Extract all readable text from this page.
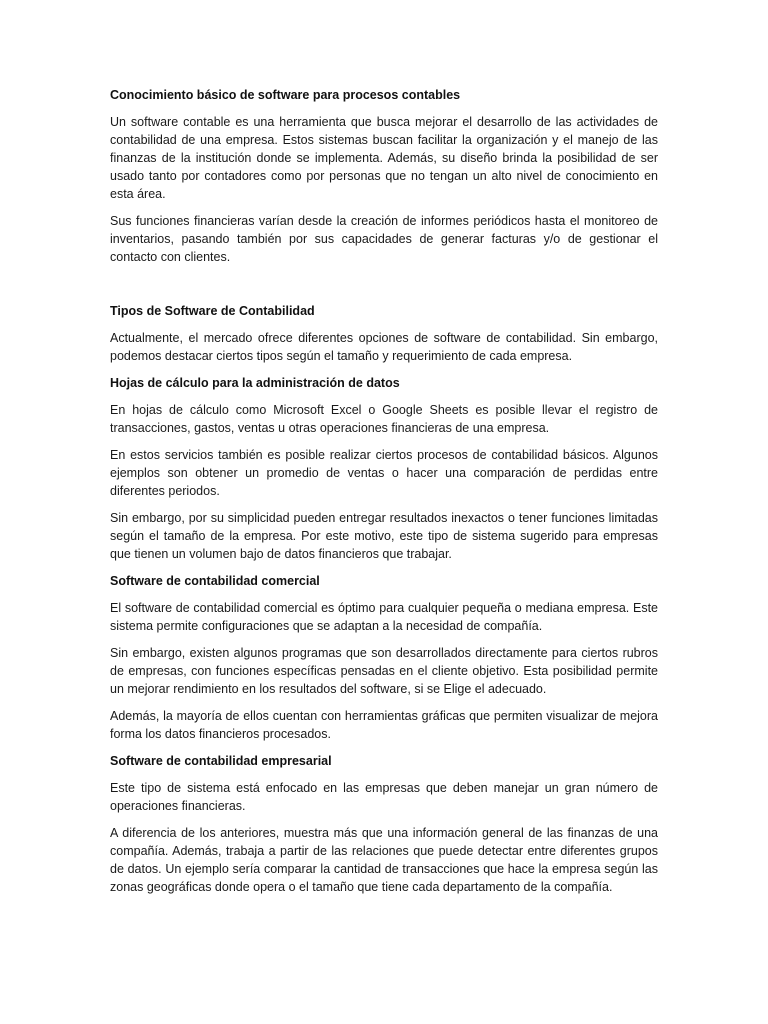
Conocimiento básico de software para procesos contables

Un software contable es una herramienta que busca mejorar el desarrollo de las actividades de contabilidad de una empresa. Estos sistemas buscan facilitar la organización y el manejo de las finanzas de la institución donde se implementa. Además, su diseño brinda la posibilidad de ser usado tanto por contadores como por personas que no tengan un alto nivel de conocimiento en esta área.

Sus funciones financieras varían desde la creación de informes periódicos hasta el monitoreo de inventarios, pasando también por sus capacidades de generar facturas y/o de gestionar el contacto con clientes.

Tipos de Software de Contabilidad

Actualmente, el mercado ofrece diferentes opciones de software de contabilidad. Sin embargo, podemos destacar ciertos tipos según el tamaño y requerimiento de cada empresa.

Hojas de cálculo para la administración de datos

En hojas de cálculo como Microsoft Excel o Google Sheets es posible llevar el registro de transacciones, gastos, ventas u otras operaciones financieras de una empresa.

En estos servicios también es posible realizar ciertos procesos de contabilidad básicos. Algunos ejemplos son obtener un promedio de ventas o hacer una comparación de perdidas entre diferentes periodos.

Sin embargo, por su simplicidad pueden entregar resultados inexactos o tener funciones limitadas según el tamaño de la empresa. Por este motivo, este tipo de sistema sugerido para empresas que tienen un volumen bajo de datos financieros que trabajar.

Software de contabilidad comercial

El software de contabilidad comercial es óptimo para cualquier pequeña o mediana empresa. Este sistema permite configuraciones que se adaptan a la necesidad de compañía.

Sin embargo, existen algunos programas que son desarrollados directamente para ciertos rubros de empresas, con funciones específicas pensadas en el cliente objetivo. Esta posibilidad permite un mejorar rendimiento en los resultados del software, si se Elige el adecuado.

Además, la mayoría de ellos cuentan con herramientas gráficas que permiten visualizar de mejora forma los datos financieros procesados.

Software de contabilidad empresarial

Este tipo de sistema está enfocado en las empresas que deben manejar un gran número de operaciones financieras.

A diferencia de los anteriores, muestra más que una información general de las finanzas de una compañía. Además, trabaja a partir de las relaciones que puede detectar entre diferentes grupos de datos. Un ejemplo sería comparar la cantidad de transacciones que hace la empresa según las zonas geográficas donde opera o el tamaño que tiene cada departamento de la compañía.
